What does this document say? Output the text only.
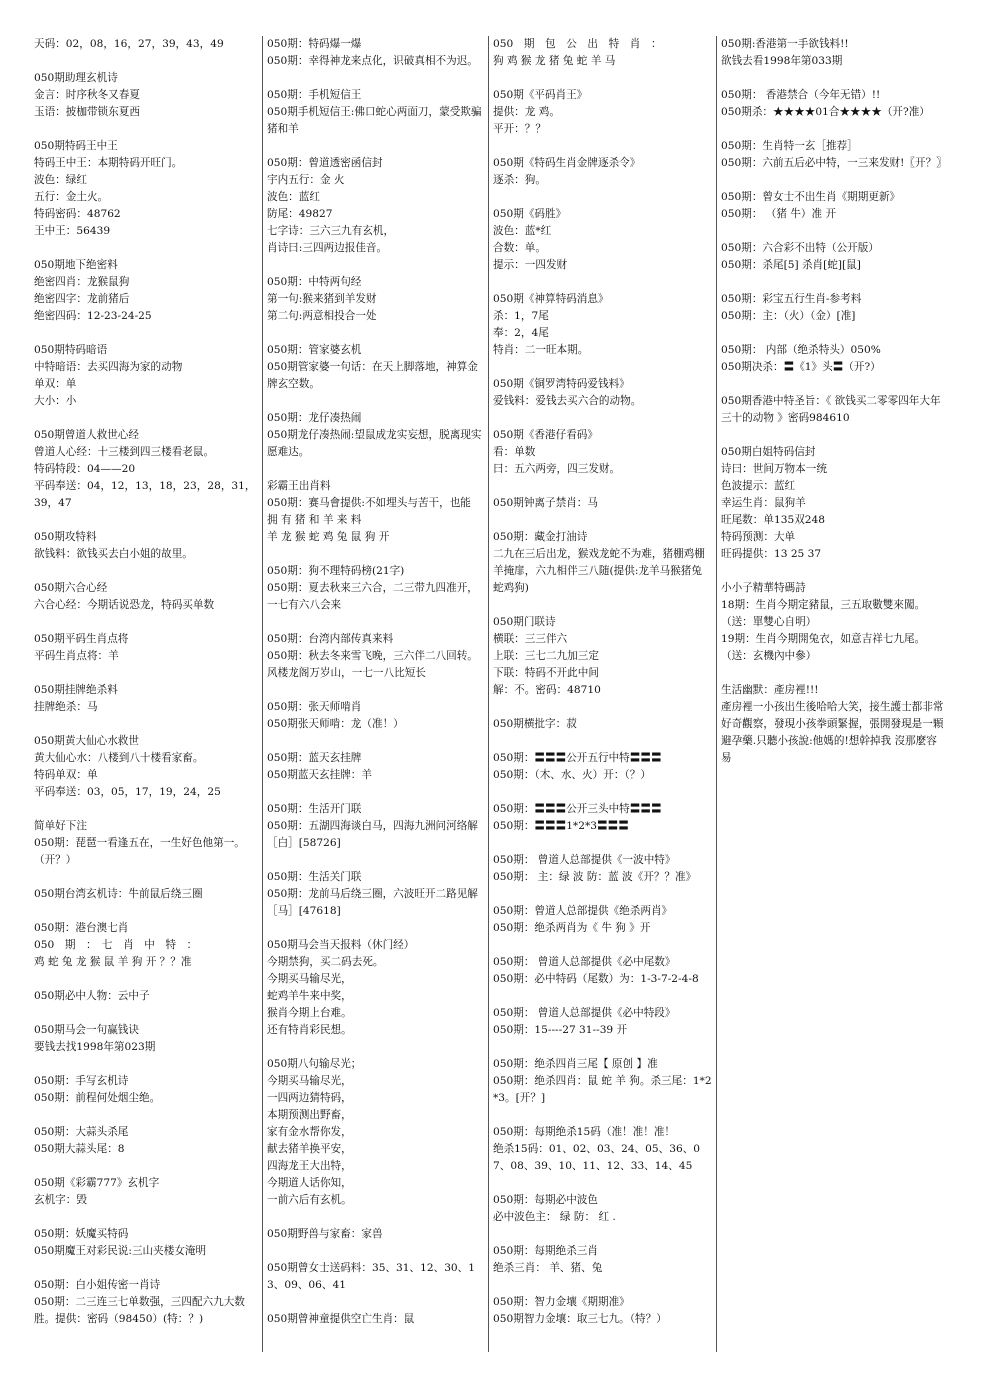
天码：02，08，16，27，39，43，49
050期助理玄机诗
金言：时序秋冬又春夏
玉语：披枷带锁东夏西
050期特码王中王
特码王中王：本期特码开旺门。
波色：绿红
五行：金土火。
特码密码：48762
王中王：56439
050期地下绝密料
绝密四肖：龙猴鼠狗
绝密四字：龙前猪后
绝密四码：12-23-24-25
050期特码暗语
中特暗语：去买四海为家的动物
单双：单
大小：小
050期曾道人救世心经
曾道人心经：十三楼到四三楼看老鼠。
特码特段：04——20
平码奉送：04，12，13，18，23，28，31，39，47
050期攻特料
欲钱料：欲钱买去白小姐的故里。
050期六合心经
六合心经：今期话说恐龙，特码买单数
050期平码生肖点将
平码生肖点将：羊
050期挂牌绝杀料
挂牌绝杀：马
050期黄大仙心水救世
黄大仙心水：八楼到八十楼看家畜。
特码单双：单
平码奉送：03，05，17，19，24，25
简单好下注
050期：琵琶一看逢五在，一生好色他第一。（开？）
050期台湾玄机诗：牛前鼠后绕三圈
050期：港台澳七肖
050　期　：　七　肖　中　特　：
鸡 蛇 兔 龙 猴 鼠 羊 狗 开 ？？准
050期必中人物：云中子
050期马会一句赢钱诀
要钱去找1998年第023期
050期：手写玄机诗
050期：前程何处烟尘绝。
050期：大蒜头杀尾
050期大蒜头尾：8
050期《彩霸777》玄机字
玄机字：毁
050期：妖魔买特码
050期魔王对彩民说:三山夹楼女淹明
050期：白小姐传密一肖诗
050期：二三连三七单数强，三四配六九大数胜。提供：密码（98450）(特：？)
050期：特码爆一爆
050期：幸得神龙来点化，识破真相不为迟。
050期：手机短信王
050期手机短信王:佛口蛇心两面刀，蒙受欺骗猪和羊
050期：曾道透密函信封
宇内五行：金 火
波色：蓝红
防尾：49827
七字诗：三六三九有玄机，
肖诗曰:三四两边报佳音。
050期：中特两句经
第一句:猴来猪到羊发财
第二句:两意相投合一处
050期：管家婆玄机
050期管家婆一句话：在天上脚落地，神算金牌玄空数。
050期：龙仔凑热闹
050期龙仔凑热闹:望鼠成龙实妄想，脱离现实愿难达。
彩霸王出肖料
050期：赛马會提供:不如埋头与苦干，也能 拥 有 猪 和 羊 来 料
羊 龙 猴 蛇 鸡 兔 鼠 狗 开
050期：狗不理特码榜(21字)
050期：夏去秋来三六合，二三带九四准开，一七有六八会来
050期：台湾内部传真来料
050期：秋去冬来雪飞晚，三六伴二八回转。风楼龙阁万岁山，一七一八比短长
050期：张天师啃肖
050期张天师啃：龙（准！）
050期：蓝天玄挂牌
050期蓝天玄挂牌：羊
050期：生活开门联
050期：五湖四海谈白马，四海九洲问河络解［白］[58726]
050期：生活关门联
050期：龙前马后绕三圈，六波旺开二路见解［马］[47618]
050期马会当天报料（休门经）
今期禁狗，买二码去死。
今期买马输尽光，
蛇鸡羊牛来中奖，
猴肖今期上台难。
还有特肖彩民想。
050期八句输尽光；
今期买马输尽光，
一四两边猜特码，
本期预测出野畜，
家有金水帮你发，
献去猪羊换平安，
四海龙王大出特，
今期道人话你知，
一前六后有玄机。
050期野兽与家畜：家兽
050期曾女士送码料：35、31、12、30、13、09、06、41
050期曾神童提供空亡生肖：鼠
050　期　包　公　出　特　肖　：
狗 鸡 猴 龙 猪 兔 蛇 羊 马
050期《平码肖王》
提供：龙 鸡。
平开：？？
050期《特码生肖金牌逐杀令》
逐杀：狗。
050期《码胜》
波色：蓝*红
合数：单。
提示：一四发财
050期《神算特码消息》
杀：1，7尾
奉：2，4尾
特肖：二一旺本期。
050期《铜罗湾特码爱钱料》
爱钱料：爱钱去买六合的动物。
050期《香港仔看码》
看：单数
曰：五六两旁，四三发财。
050期钟离子禁肖：马
050期：藏金打油诗
二九在三后出龙，猴戏龙蛇不为难，猪棚鸡棚羊掩扉，六九相伴三八随(提供:龙羊马猴猪兔蛇鸡狗)
050期门联诗
横联：三三伴六
上联：三七二九加三定
下联：特码不开此中间
解：不。密码：48710
050期横批字：菽
050期：〓〓〓公开五行中特〓〓〓
050期：（木、水、火）开：（？）
050期：〓〓〓公开三头中特〓〓〓
050期：〓〓〓1*2*3〓〓〓
050期： 曾道人总部提供《一波中特》
050期： 主：绿 波 防：蓝 波《开？？准》
050期：曾道人总部提供《绝杀两肖》
050期：绝杀两肖为《 牛 狗 》开
050期： 曾道人总部提供《必中尾数》
050期：必中特码（尾数）为：1-3-7-2-4-8
050期： 曾道人总部提供《必中特段》
050期：15----27 31--39 开
050期：绝杀四肖三尾【 原创 】准
050期：绝杀四肖：鼠 蛇 羊 狗。杀三尾：1*2*3。[开？]
050期：每期绝杀15码（准！准！准！
绝杀15码：01、02、03、24、05、36、07、08、39、10、11、12、33、14、45
050期：每期必中波色
必中波色主： 绿 防： 红 .
050期：每期绝杀三肖
绝杀三肖： 羊、猪、兔
050期：智力金壤《期期准》
050期智力金壤：取三七九。（特？）
050期:香港第一手欲钱料!!
欲钱去看1998年第033期
050期： 香港禁合（今年无错）!!
050期杀：★★★★01合★★★★（开?准）
050期：生肖特一玄［推荐］
050期：六前五后必中特，一三来发财!〖开？〗
050期：曾女士不出生肖《期期更新》
050期： （猪 牛）准 开
050期：六合彩不出特（公开版）
050期：杀尾[5] 杀肖[蛇][鼠]
050期：彩宝五行生肖-参考料
050期：主：（火）（金）[准]
050期： 内部（绝杀特头）050%
050期决杀：〓《1》头〓（开?）
050期香港中特圣旨：《 欲钱买二零零四年大年三十的动物 》密码984610
050期白姐特码信封
诗曰：世间万物本一统
色波提示：蓝红
幸运生肖：鼠狗羊
旺尾数：单135双248
特码预测：大单
旺码提供：13 25 37
小小子精華特碼詩
18期：生肖今期定豬鼠，三五取數雙來闖。（送：單雙心自明）
19期：生肖今期開兔衣，如意吉祥七九尾。（送：玄機內中參）
生活幽默：產房裡!!!
產房裡一小孩出生後哈哈大笑，接生護士都非常好奇觀察，發現小孩拳頭緊握，張開發現是一顆避孕藥.只聽小孩說:他媽的!想幹掉我 沒那麼容易
